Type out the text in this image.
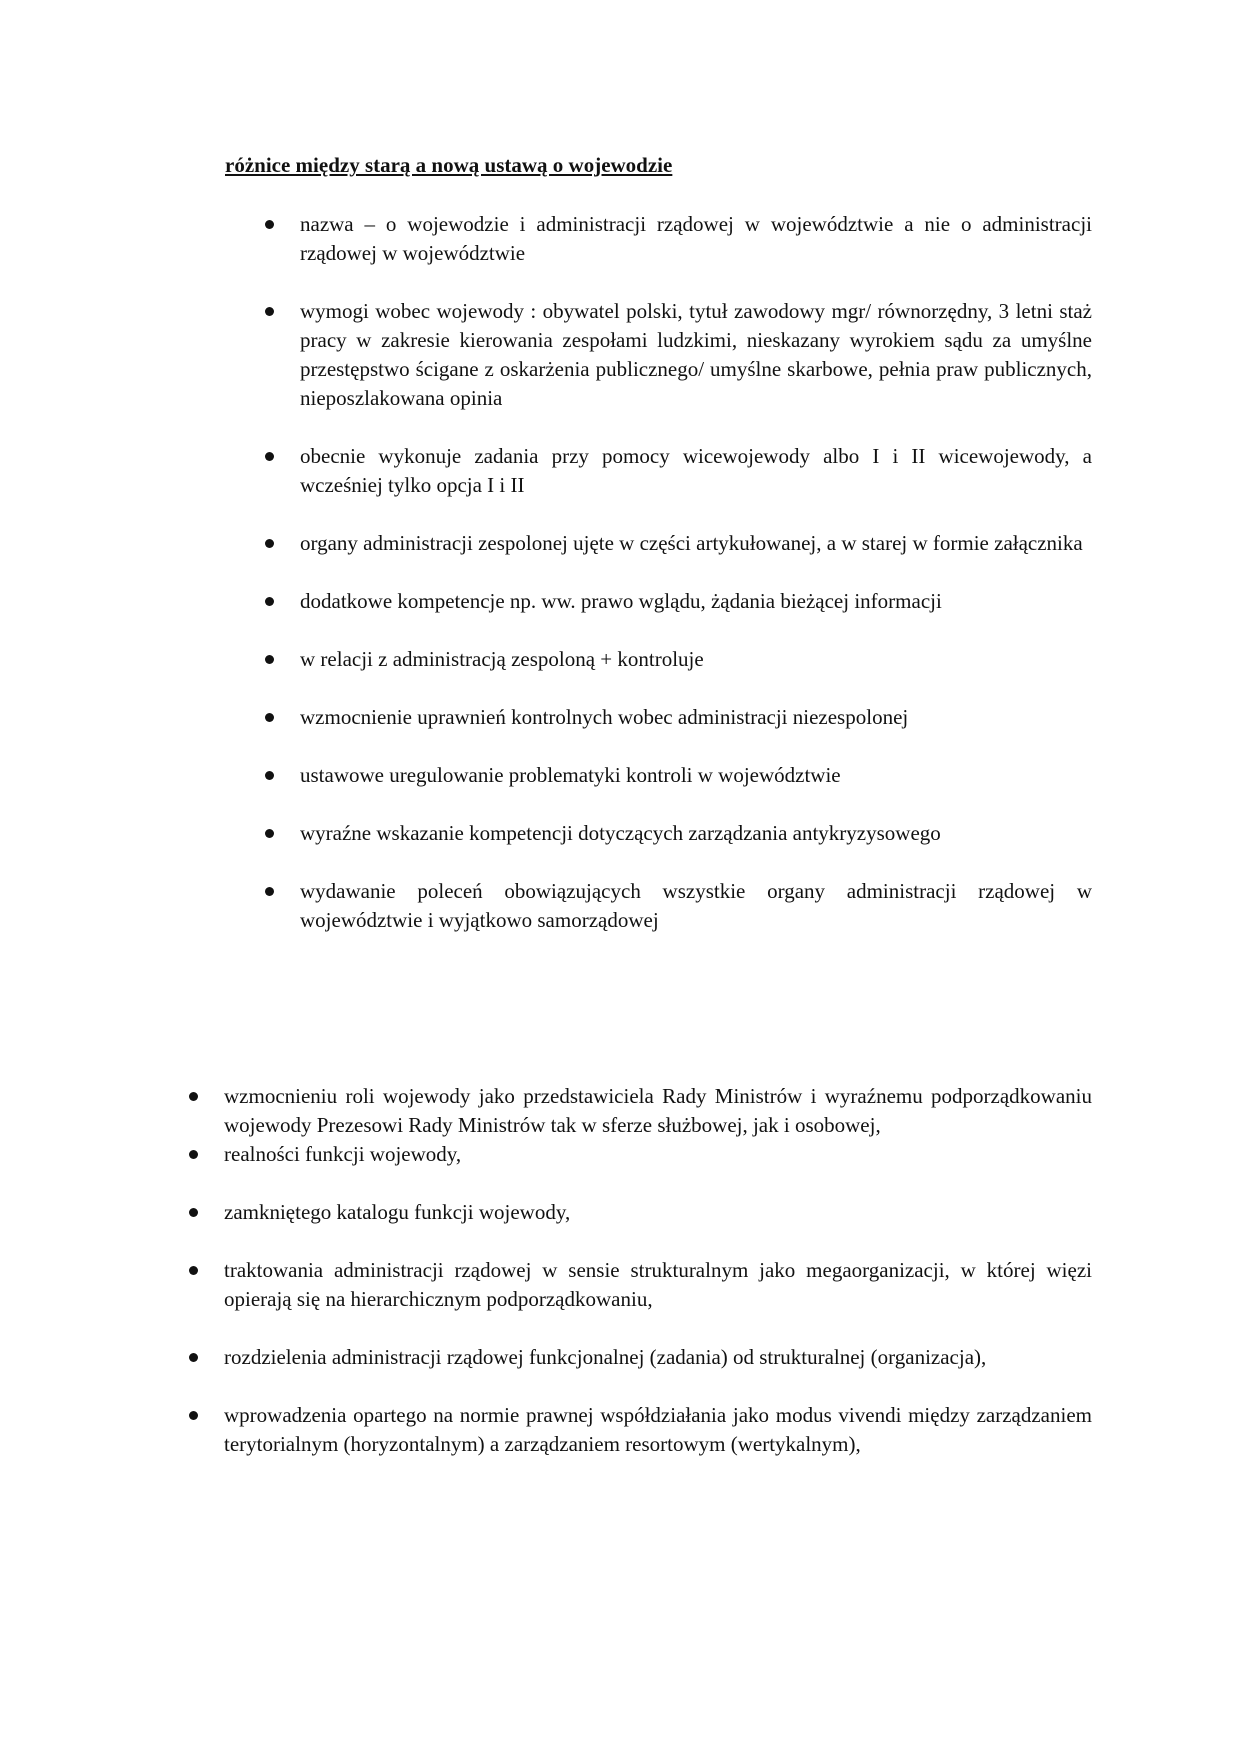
różnice między starą a nową ustawą o wojewodzie
nazwa – o wojewodzie i administracji rządowej w województwie a nie o administracji rządowej w województwie
wymogi wobec wojewody : obywatel polski, tytuł zawodowy mgr/ równorzędny, 3 letni staż pracy w zakresie kierowania zespołami ludzkimi, nieskazany wyrokiem sądu za umyślne przestępstwo ścigane z oskarżenia publicznego/ umyślne skarbowe, pełnia praw publicznych, nieposzlakowana opinia
obecnie wykonuje zadania przy pomocy wicewojewody albo I i II wicewojewody, a wcześniej tylko opcja I i II
organy administracji zespolonej ujęte w części artykułowanej, a w starej w formie załącznika
dodatkowe kompetencje np. ww. prawo wglądu, żądania bieżącej informacji
w relacji z administracją zespoloną + kontroluje
wzmocnienie uprawnień kontrolnych wobec administracji niezespolonej
ustawowe uregulowanie problematyki kontroli w województwie
wyraźne wskazanie kompetencji dotyczących zarządzania antykryzysowego
wydawanie poleceń obowiązujących wszystkie organy administracji rządowej w województwie i wyjątkowo samorządowej
wzmocnieniu roli wojewody jako przedstawiciela Rady Ministrów i wyraźnemu podporządkowaniu wojewody Prezesowi Rady Ministrów tak w sferze służbowej, jak i osobowej,
realności funkcji wojewody,
zamkniętego katalogu funkcji wojewody,
traktowania administracji rządowej w sensie strukturalnym jako megaorganizacji, w której więzi opierają się na hierarchicznym podporządkowaniu,
rozdzielenia administracji rządowej funkcjonalnej (zadania) od strukturalnej (organizacja),
wprowadzenia opartego na normie prawnej współdziałania jako modus vivendi między zarządzaniem terytorialnym (horyzontalnym) a zarządzaniem resortowym (wertykalnym),
